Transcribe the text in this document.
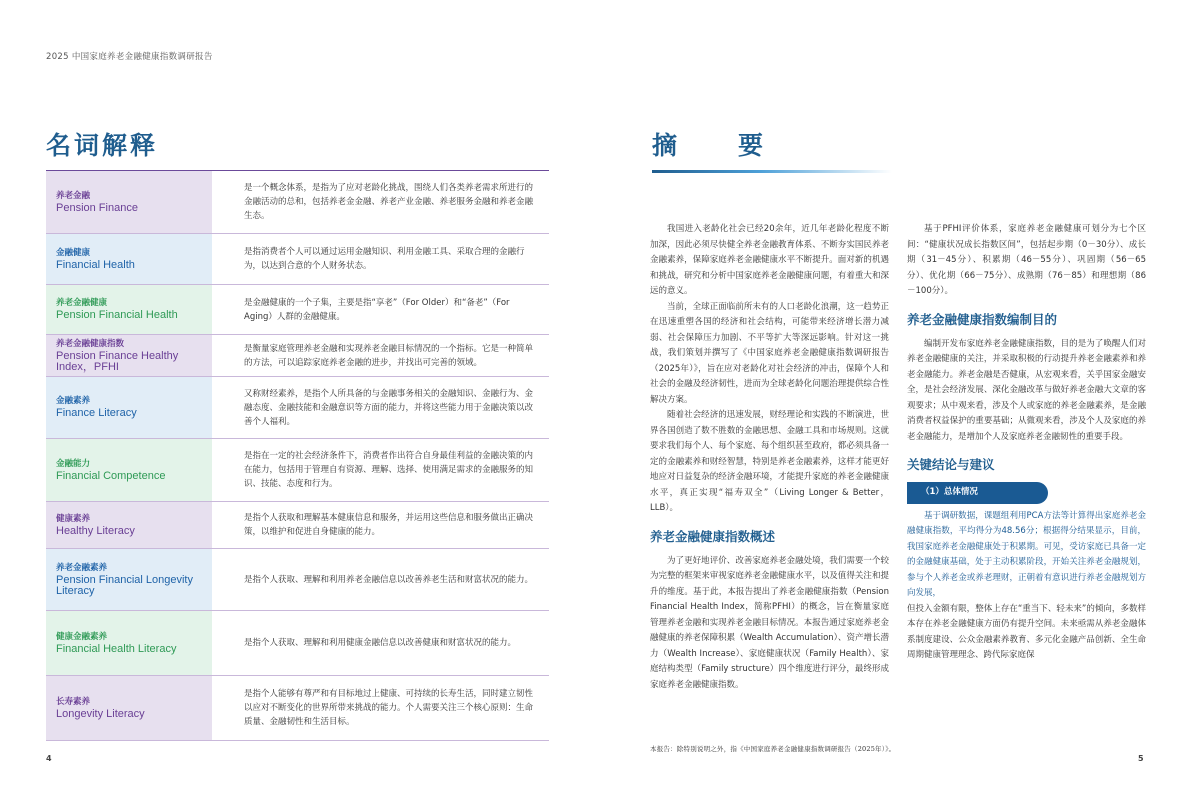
2025 中国家庭养老金融健康指数调研报告
名词解释
养老金融
Pension Finance
是一个概念体系，是指为了应对老龄化挑战，围绕人们各类养老需求所进行的金融活动的总和，包括养老金金融、养老产业金融、养老服务金融和养老金融生态。
金融健康
Financial Health
是指消费者个人可以通过运用金融知识、利用金融工具、采取合理的金融行为，以达到合意的个人财务状态。
养老金融健康
Pension Financial Health
是金融健康的一个子集，主要是指“享老”（For Older）和“备老”（For Aging）人群的金融健康。
养老金融健康指数
Pension Finance Healthy Index，PFHI
是衡量家庭管理养老金融和实现养老金融目标情况的一个指标。它是一种简单的方法，可以追踪家庭养老金融的进步，并找出可完善的领域。
金融素养
Finance Literacy
又称财经素养，是指个人所具备的与金融事务相关的金融知识、金融行为、金融态度、金融技能和金融意识等方面的能力，并将这些能力用于金融决策以改善个人福利。
金融能力
Financial Competence
是指在一定的社会经济条件下，消费者作出符合自身最佳利益的金融决策的内在能力，包括用于管理自有资源、理解、选择、使用满足需求的金融服务的知识、技能、态度和行为。
健康素养
Healthy Literacy
是指个人获取和理解基本健康信息和服务，并运用这些信息和服务做出正确决策，以维护和促进自身健康的能力。
养老金融素养
Pension Financial Longevity Literacy
是指个人获取、理解和利用养老金融信息以改善养老生活和财富状况的能力。
健康金融素养
Financial Health Literacy	是指个人获取、理解和利用健康金融信息以改善健康和财富状况的能力。
长寿素养
Longevity Literacy
是指个人能够有尊严和有目标地过上健康、可持续的长寿生活，同时建立韧性以应对不断变化的世界所带来挑战的能力。个人需要关注三个核心原则：生命质量、金融韧性和生活目标。
4
摘　要

我国进入老龄化社会已经20余年，近几年老龄化程度不断加深，因此必须尽快健全养老金融教育体系、不断夯实国民养老金融素养，保障家庭养老金融健康水平不断提升。面对新的机遇和挑战，研究和分析中国家庭养老金融健康问题，有着重大和深远的意义。

当前，全球正面临前所未有的人口老龄化浪潮，这一趋势正在迅速重塑各国的经济和社会结构，可能带来经济增长潜力减弱、社会保障压力加剧、不平等扩大等深远影响。针对这一挑战，我们策划并撰写了《中国家庭养老金融健康指数调研报告（2025年）》，旨在应对老龄化对社会经济的冲击，保障个人和社会的金融及经济韧性，进而为全球老龄化问题治理提供综合性解决方案。

随着社会经济的迅速发展，财经理论和实践的不断演进，世界各国创造了数不胜数的金融思想、金融工具和市场规则。这就要求我们每个人、每个家庭、每个组织甚至政府，都必须具备一定的金融素养和财经智慧，特别是养老金融素养，这样才能更好地应对日益复杂的经济金融环境，才能提升家庭的养老金融健康水平，真正实现“福寿双全”（Living Longer & Better，LLB）。

养老金融健康指数概述

为了更好地评价、改善家庭养老金融处境，我们需要一个较为完整的框架来审视家庭养老金融健康水平，以及值得关注和提升的维度。基于此，本报告提出了养老金融健康指数（Pension Financial Health Index，简称PFHI）的概念，旨在衡量家庭管理养老金融和实现养老金融目标情况。本报告通过家庭养老金融健康的养老保障积累（Wealth Accumulation）、资产增长潜力（Wealth Increase）、家庭健康状况（Family Health）、家庭结构类型（Family structure）四个维度进行评分，最终形成家庭养老金融健康指数。

基于PFHI评价体系，家庭养老金融健康可划分为七个区间：“健康状况成长指数区间”，包括起步期（0－30分）、成长期（31－45分）、积累期（46－55分）、巩固期（56－65分）、优化期（66－75分）、成熟期（76－85）和理想期（86－100分）。

养老金融健康指数编制目的

编制开发布家庭养老金融健康指数，目的是为了唤醒人们对养老金融健康的关注，并采取积极的行动提升养老金融素养和养老金融能力。养老金融是否健康，从宏观来看，关乎国家金融安全，是社会经济发展、深化金融改革与做好养老金融大文章的客观要求；从中观来看，涉及个人或家庭的养老金融素养，是金融消费者权益保护的重要基础；从微观来看，涉及个人及家庭的养老金融能力，是增加个人及家庭养老金融韧性的重要手段。

关键结论与建议
（1）总体情况

基于调研数据，课题组利用PCA方法等计算得出家庭养老金融健康指数，平均得分为48.56分；根据得分结果显示，目前，我国家庭养老金融健康处于积累期。可见，受访家庭已具备一定的金融健康基础，处于主动积累阶段，开始关注养老金融规划，参与个人养老金或养老理财，正朝着有意识进行养老金融规划方向发展，

但投入金额有限，整体上存在“重当下、轻未来”的倾向，多数样本存在养老金融健康方面仍有提升空间。未来亟需从养老金融体系制度建设、公众金融素养教育、多元化金融产品创新、全生命周期健康管理理念、跨代际家庭保

本报告：除特别说明之外，指《中国家庭养老金融健康指数调研报告（2025年）》。
5
